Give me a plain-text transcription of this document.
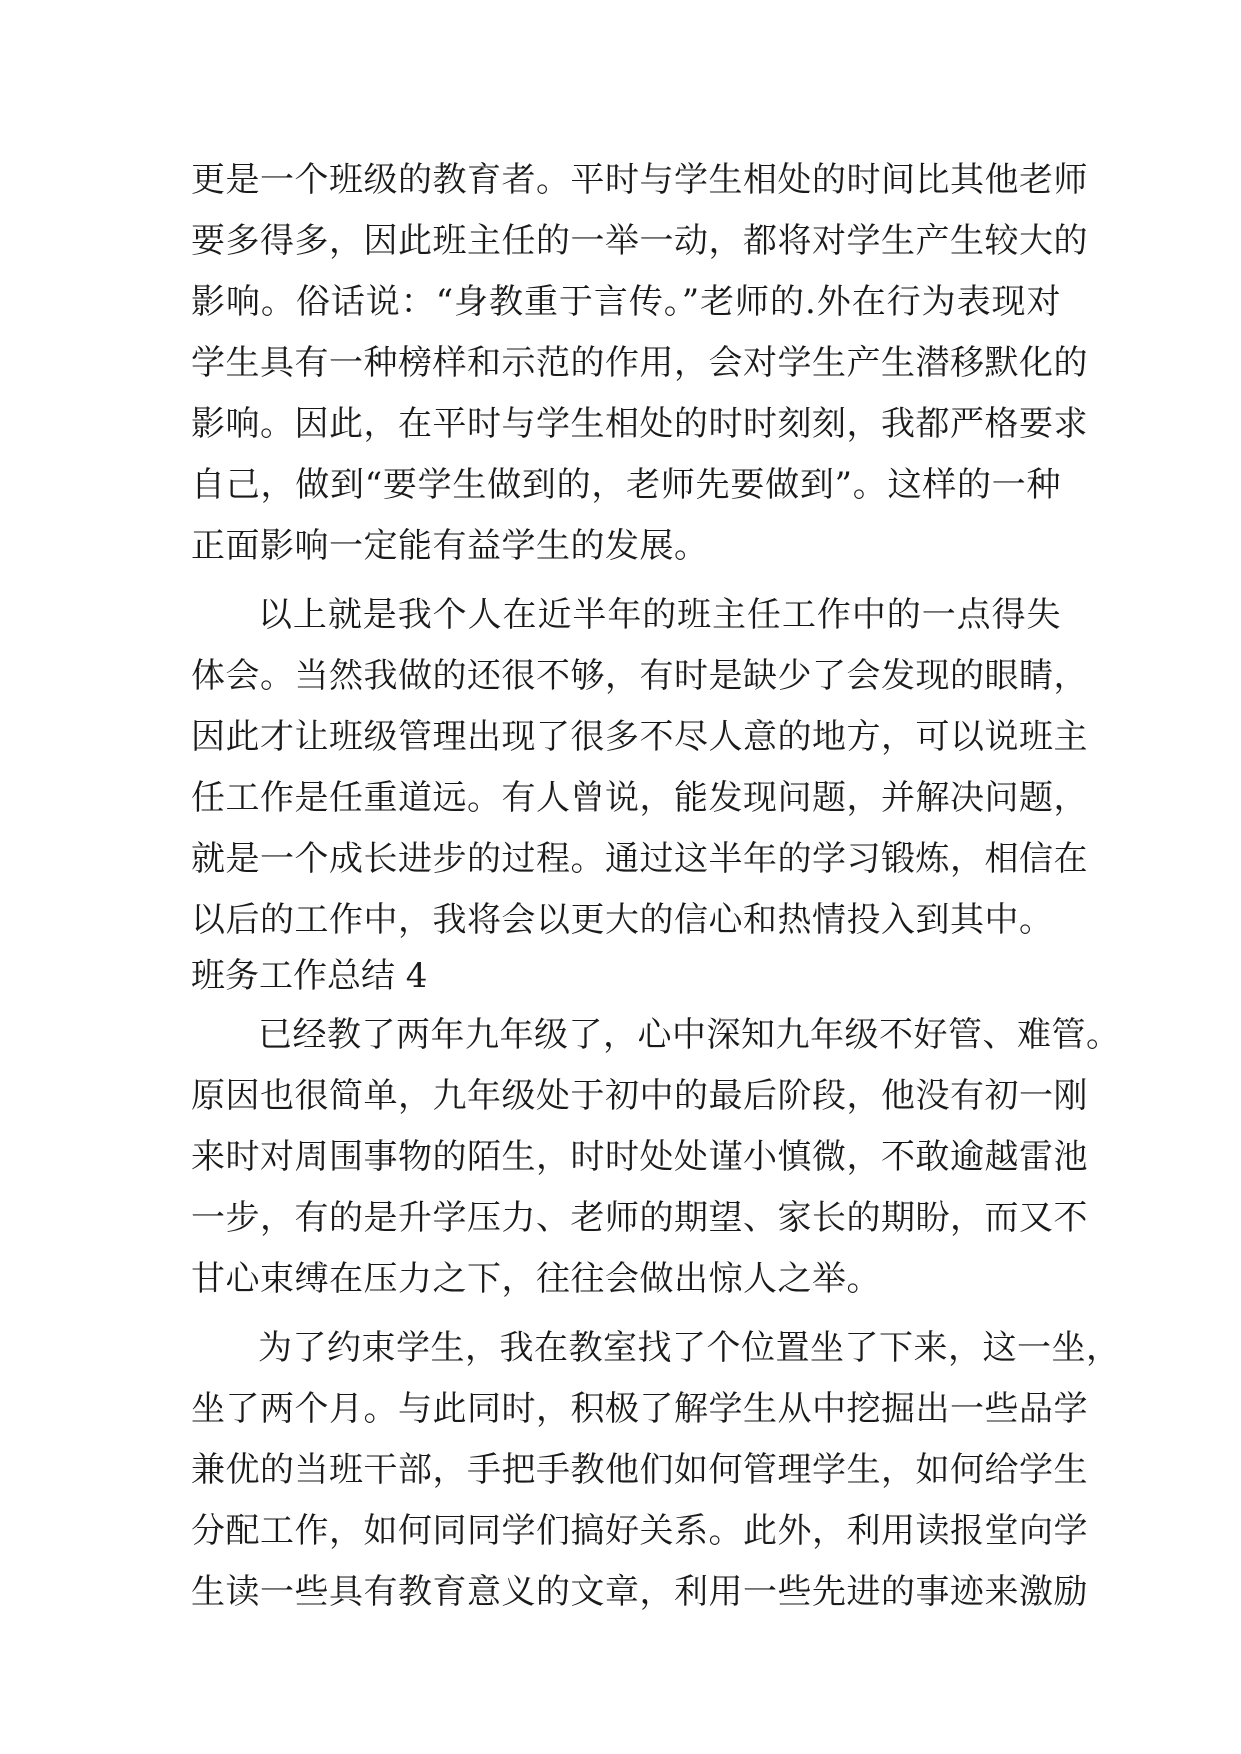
更是一个班级的教育者。平时与学生相处的时间比其他老师
要多得多，因此班主任的一举一动，都将对学生产生较大的
影响。俗话说：“身教重于言传。”老师的.外在行为表现对
学生具有一种榜样和示范的作用，会对学生产生潜移默化的
影响。因此，在平时与学生相处的时时刻刻，我都严格要求
自己，做到“要学生做到的，老师先要做到”。这样的一种
正面影响一定能有益学生的发展。
以上就是我个人在近半年的班主任工作中的一点得失
体会。当然我做的还很不够，有时是缺少了会发现的眼睛，
因此才让班级管理出现了很多不尽人意的地方，可以说班主
任工作是任重道远。有人曾说，能发现问题，并解决问题，
就是一个成长进步的过程。通过这半年的学习锻炼，相信在
以后的工作中，我将会以更大的信心和热情投入到其中。
班务工作总结 4
已经教了两年九年级了，心中深知九年级不好管、难管。
原因也很简单，九年级处于初中的最后阶段，他没有初一刚
来时对周围事物的陌生，时时处处谨小慎微，不敢逾越雷池
一步，有的是升学压力、老师的期望、家长的期盼，而又不
甘心束缚在压力之下，往往会做出惊人之举。
为了约束学生，我在教室找了个位置坐了下来，这一坐，
坐了两个月。与此同时，积极了解学生从中挖掘出一些品学
兼优的当班干部，手把手教他们如何管理学生，如何给学生
分配工作，如何同同学们搞好关系。此外，利用读报堂向学
生读一些具有教育意义的文章，利用一些先进的事迹来激励
